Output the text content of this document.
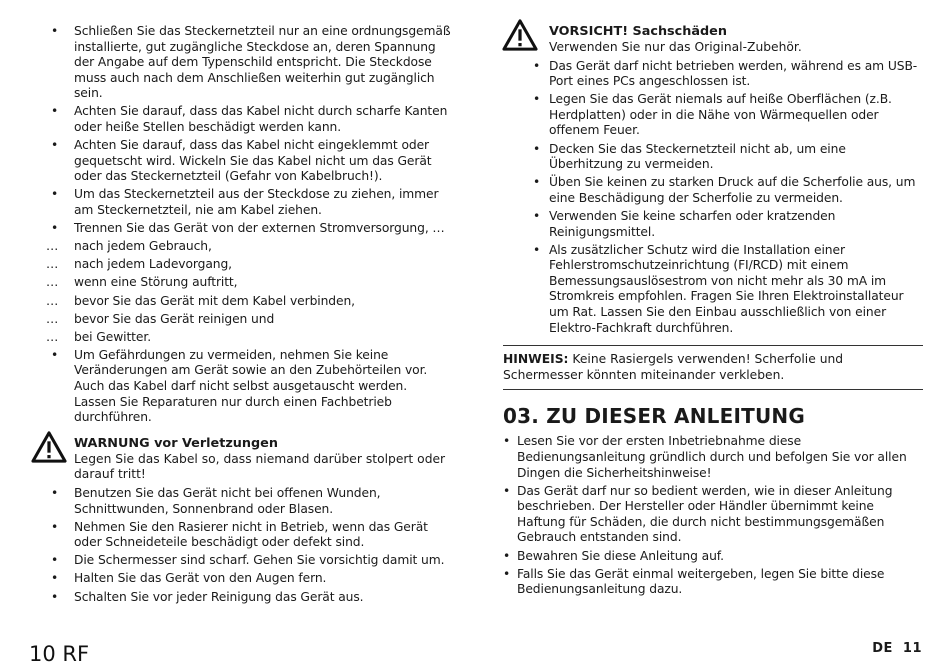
•	Schließen Sie das Steckernetzteil nur an eine ordnungsgemäß installierte, gut zugängliche Steckdose an, deren Spannung der Angabe auf dem Typenschild entspricht. Die Steckdose muss auch nach dem Anschließen weiterhin gut zugänglich sein.
•	Achten Sie darauf, dass das Kabel nicht durch scharfe Kanten oder heiße Stellen beschädigt werden kann.
•	Achten Sie darauf, dass das Kabel nicht eingeklemmt oder gequetscht wird. Wickeln Sie das Kabel nicht um das Gerät oder das Steckernetzteil (Gefahr von Kabelbruch!).
•	Um das Steckernetzteil aus der Steckdose zu ziehen, immer am Steckernetzteil, nie am Kabel ziehen.
•	Trennen Sie das Gerät von der externen Stromversorgung, …
…	nach jedem Gebrauch,
…	nach jedem Ladevorgang,
…	wenn eine Störung auftritt,
…	bevor Sie das Gerät mit dem Kabel verbinden,
…	bevor Sie das Gerät reinigen und
…	bei Gewitter.
•	Um Gefährdungen zu vermeiden, nehmen Sie keine Veränderungen am Gerät sowie an den Zubehörteilen vor. Auch das Kabel darf nicht selbst ausgetauscht werden. Lassen Sie Reparaturen nur durch einen Fachbetrieb durchführen.
WARNUNG vor Verletzungen
Legen Sie das Kabel so, dass niemand darüber stolpert oder darauf tritt!
•	Benutzen Sie das Gerät nicht bei offenen Wunden, Schnittwunden, Sonnenbrand oder Blasen.
•	Nehmen Sie den Rasierer nicht in Betrieb, wenn das Gerät oder Schneideteile beschädigt oder defekt sind.
•	Die Schermesser sind scharf. Gehen Sie vorsichtig damit um.
•	Halten Sie das Gerät von den Augen fern.
•	Schalten Sie vor jeder Reinigung das Gerät aus.
VORSICHT! Sachschäden
Verwenden Sie nur das Original-Zubehör.
• Das Gerät darf nicht betrieben werden, während es am USB-Port eines PCs angeschlossen ist.
• Legen Sie das Gerät niemals auf heiße Oberflächen (z.B. Herdplatten) oder in die Nähe von Wärmequellen oder offenem Feuer.
• Decken Sie das Steckernetzteil nicht ab, um eine Überhitzung zu vermeiden.
• Üben Sie keinen zu starken Druck auf die Scherfolie aus, um eine Beschädigung der Scherfolie zu vermeiden.
• Verwenden Sie keine scharfen oder kratzenden Reinigungsmittel.
• Als zusätzlicher Schutz wird die Installation einer Fehlerstromschutzeinrichtung (FI/RCD) mit einem Bemessungsauslösestrom von nicht mehr als 30 mA im Stromkreis empfohlen. Fragen Sie Ihren Elektroinstallateur um Rat. Lassen Sie den Einbau ausschließlich von einer Elektro-Fachkraft durchführen.
HINWEIS: Keine Rasiergels verwenden! Scherfolie und Schermesser könnten miteinander verkleben.
03. ZU DIESER ANLEITUNG
• Lesen Sie vor der ersten Inbetriebnahme diese Bedienungsanleitung gründlich durch und befolgen Sie vor allen Dingen die Sicherheitshinweise!
• Das Gerät darf nur so bedient werden, wie in dieser Anleitung beschrieben. Der Hersteller oder Händler übernimmt keine Haftung für Schäden, die durch nicht bestimmungsgemäßen Gebrauch entstanden sind.
• Bewahren Sie diese Anleitung auf.
• Falls Sie das Gerät einmal weitergeben, legen Sie bitte diese Bedienungsanleitung dazu.
10 RF	DE 11
